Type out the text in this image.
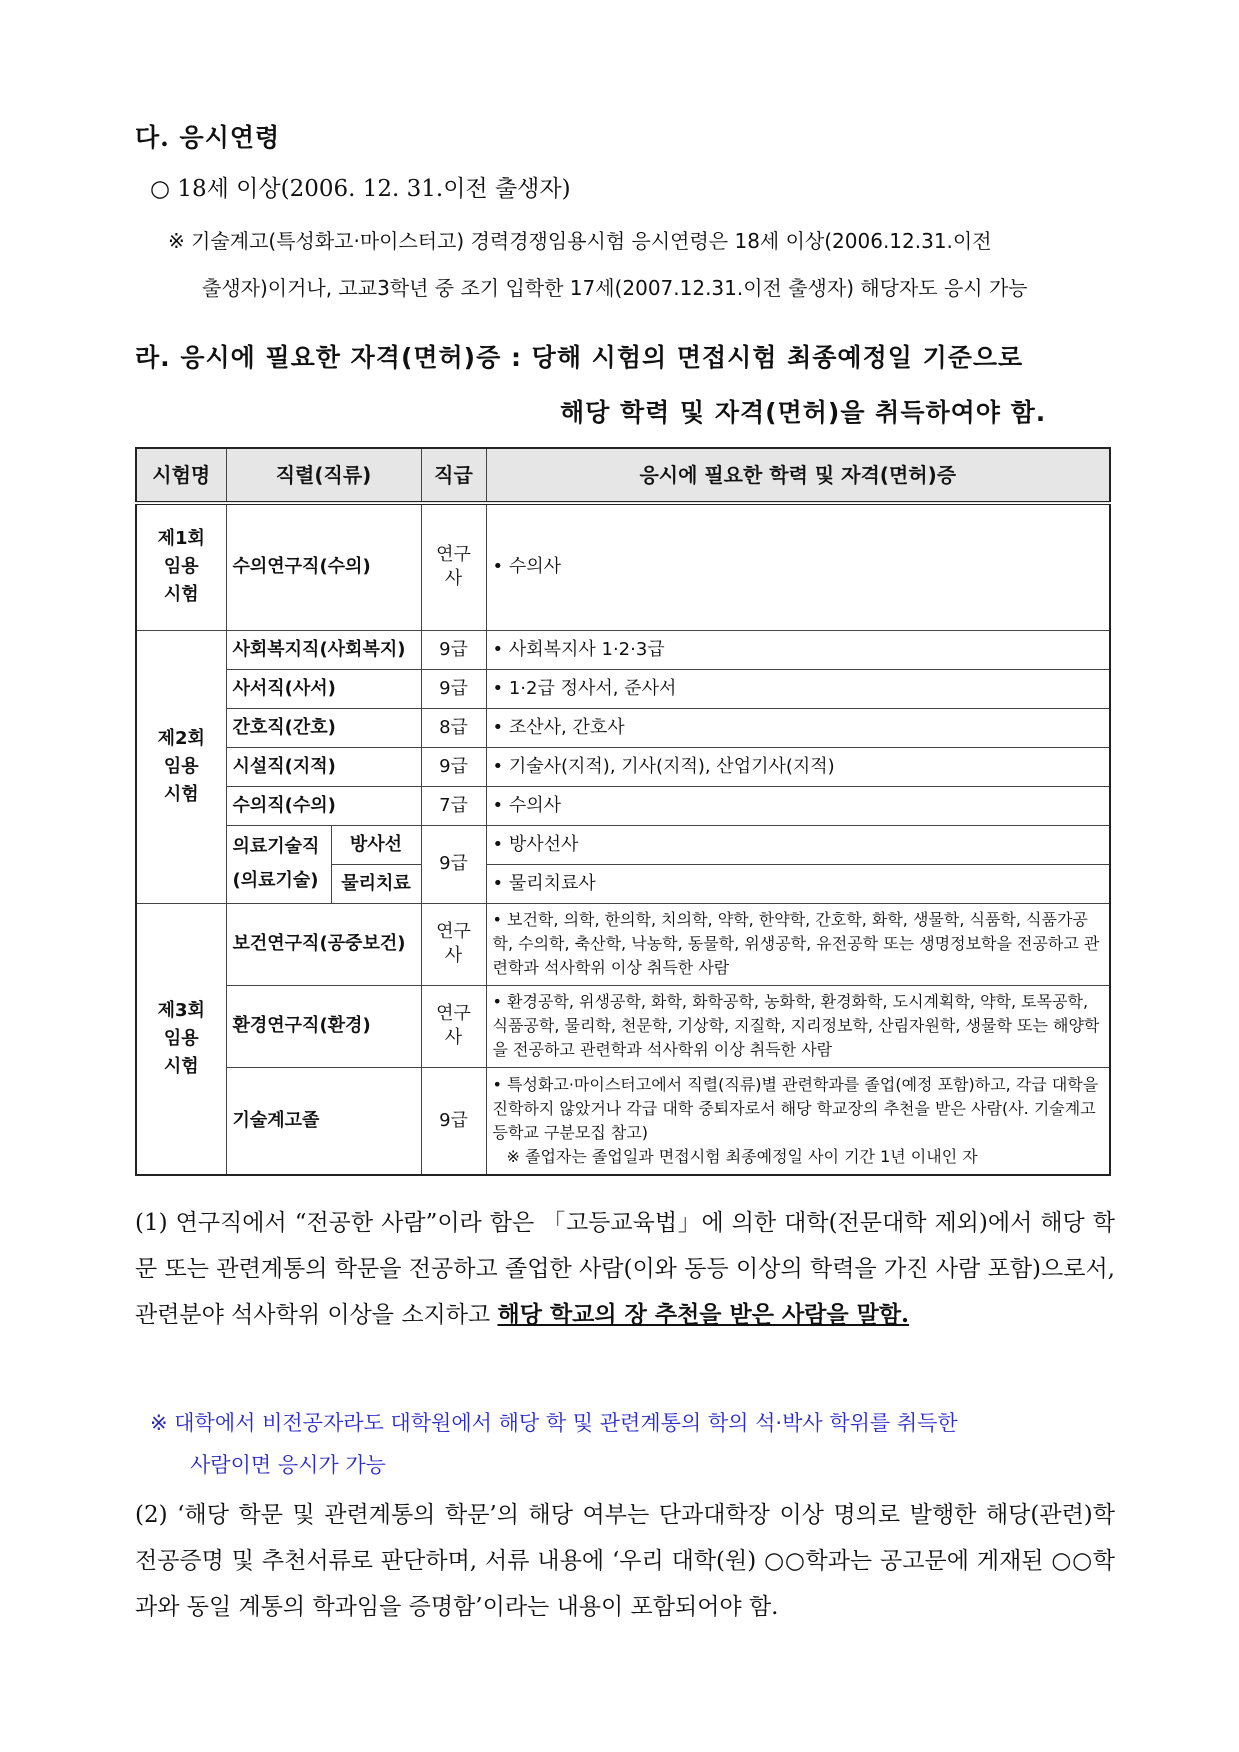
다. 응시연령
○ 18세 이상(2006. 12. 31.이전 출생자)
※ 기술계고(특성화고·마이스터고) 경력경쟁임용시험 응시연령은 18세 이상(2006.12.31.이전
출생자)이거나, 고교3학년 중 조기 입학한 17세(2007.12.31.이전 출생자) 해당자도 응시 가능
라. 응시에 필요한 자격(면허)증 : 당해 시험의 면접시험 최종예정일 기준으로
해당 학력 및 자격(면허)을 취득하여야 함.
시험명	직렬(직류)		직급	응시에 필요한 학력 및 자격(면허)증
제1회
임용
시험	수의연구직(수의)		연구사	• 수의사
제2회
임용
시험	사회복지직(사회복지)		9급	• 사회복지사 1·2·3급
	사서직(사서)		9급	• 1·2급 정사서, 준사서
	간호직(간호)		8급	• 조산사, 간호사
	시설직(지적)		9급	• 기술사(지적), 기사(지적), 산업기사(지적)
	수의직(수의)		7급	• 수의사
	의료기술직
(의료기술)	방사선	9급	• 방사선사
		물리치료		• 물리치료사
제3회
임용
시험	보건연구직(공중보건)		연구사	• 보건학, 의학, 한의학, 치의학, 약학, 한약학, 간호학, 화학, 생물학, 식품학, 식품가공학, 수의학, 축산학, 낙농학, 동물학, 위생공학, 유전공학 또는 생명정보학을 전공하고 관련학과 석사학위 이상 취득한 사람
	환경연구직(환경)		연구사	• 환경공학, 위생공학, 화학, 화학공학, 농화학, 환경화학, 도시계획학, 약학, 토목공학, 식품공학, 물리학, 천문학, 기상학, 지질학, 지리정보학, 산림자원학, 생물학 또는 해양학을 전공하고 관련학과 석사학위 이상 취득한 사람
	기술계고졸		9급	• 특성화고·마이스터고에서 직렬(직류)별 관련학과를 졸업(예정 포함)하고, 각급 대학을 진학하지 않았거나 각급 대학 중퇴자로서 해당 학교장의 추천을 받은 사람(사. 기술계고등학교 구분모집 참고)
※ 졸업자는 졸업일과 면접시험 최종예정일 사이 기간 1년 이내인 자
(1) 연구직에서 “전공한 사람”이라 함은 「고등교육법」에 의한 대학(전문대학 제외)에서 해당 학문 또는 관련계통의 학문을 전공하고 졸업한 사람(이와 동등 이상의 학력을 가진 사람 포함)으로서, 관련분야 석사학위 이상을 소지하고 해당 학교의 장 추천을 받은 사람을 말함.
※ 대학에서 비전공자라도 대학원에서 해당 학 및 관련계통의 학의 석·박사 학위를 취득한
사람이면 응시가 가능
(2) ‘해당 학문 및 관련계통의 학문’의 해당 여부는 단과대학장 이상 명의로 발행한 해당(관련)학 전공증명 및 추천서류로 판단하며, 서류 내용에 ‘우리 대학(원) ○○학과는 공고문에 게재된 ○○학과와 동일 계통의 학과임을 증명함’이라는 내용이 포함되어야 함.
